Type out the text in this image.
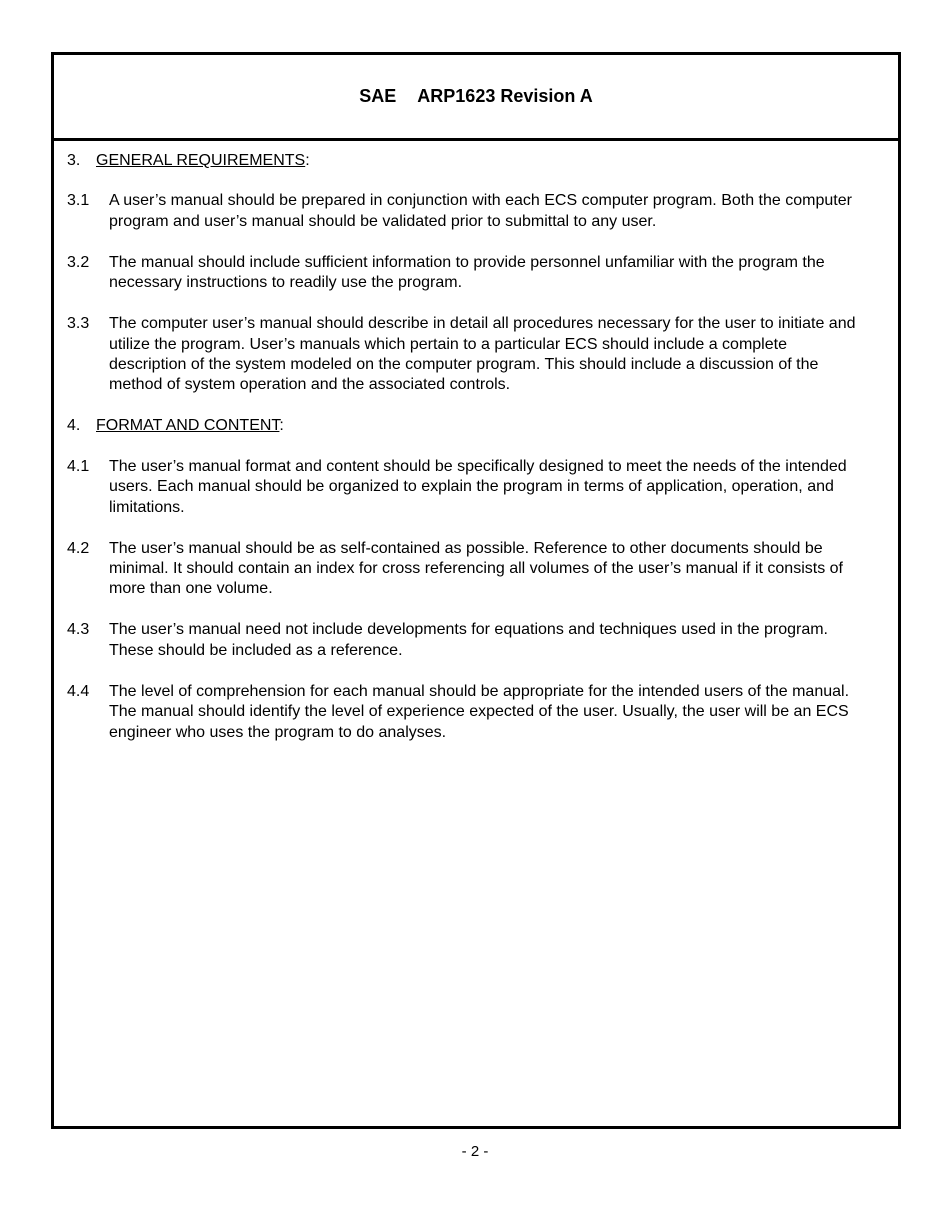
SAE ARP1623 Revision A
3. GENERAL REQUIREMENTS:
3.1	A user’s manual should be prepared in conjunction with each ECS computer program. Both the computer program and user’s manual should be validated prior to submittal to any user.
3.2	The manual should include sufficient information to provide personnel unfamiliar with the program the necessary instructions to readily use the program.
3.3	The computer user’s manual should describe in detail all procedures necessary for the user to initiate and utilize the program. User’s manuals which pertain to a particular ECS should include a complete description of the system modeled on the computer program. This should include a discussion of the method of system operation and the associated controls.
4. FORMAT AND CONTENT:
4.1	The user’s manual format and content should be specifically designed to meet the needs of the intended users. Each manual should be organized to explain the program in terms of application, operation, and limitations.
4.2	The user’s manual should be as self-contained as possible. Reference to other documents should be minimal. It should contain an index for cross referencing all volumes of the user’s manual if it consists of more than one volume.
4.3	The user’s manual need not include developments for equations and techniques used in the program. These should be included as a reference.
4.4	The level of comprehension for each manual should be appropriate for the intended users of the manual. The manual should identify the level of experience expected of the user. Usually, the user will be an ECS engineer who uses the program to do analyses.
- 2 -
